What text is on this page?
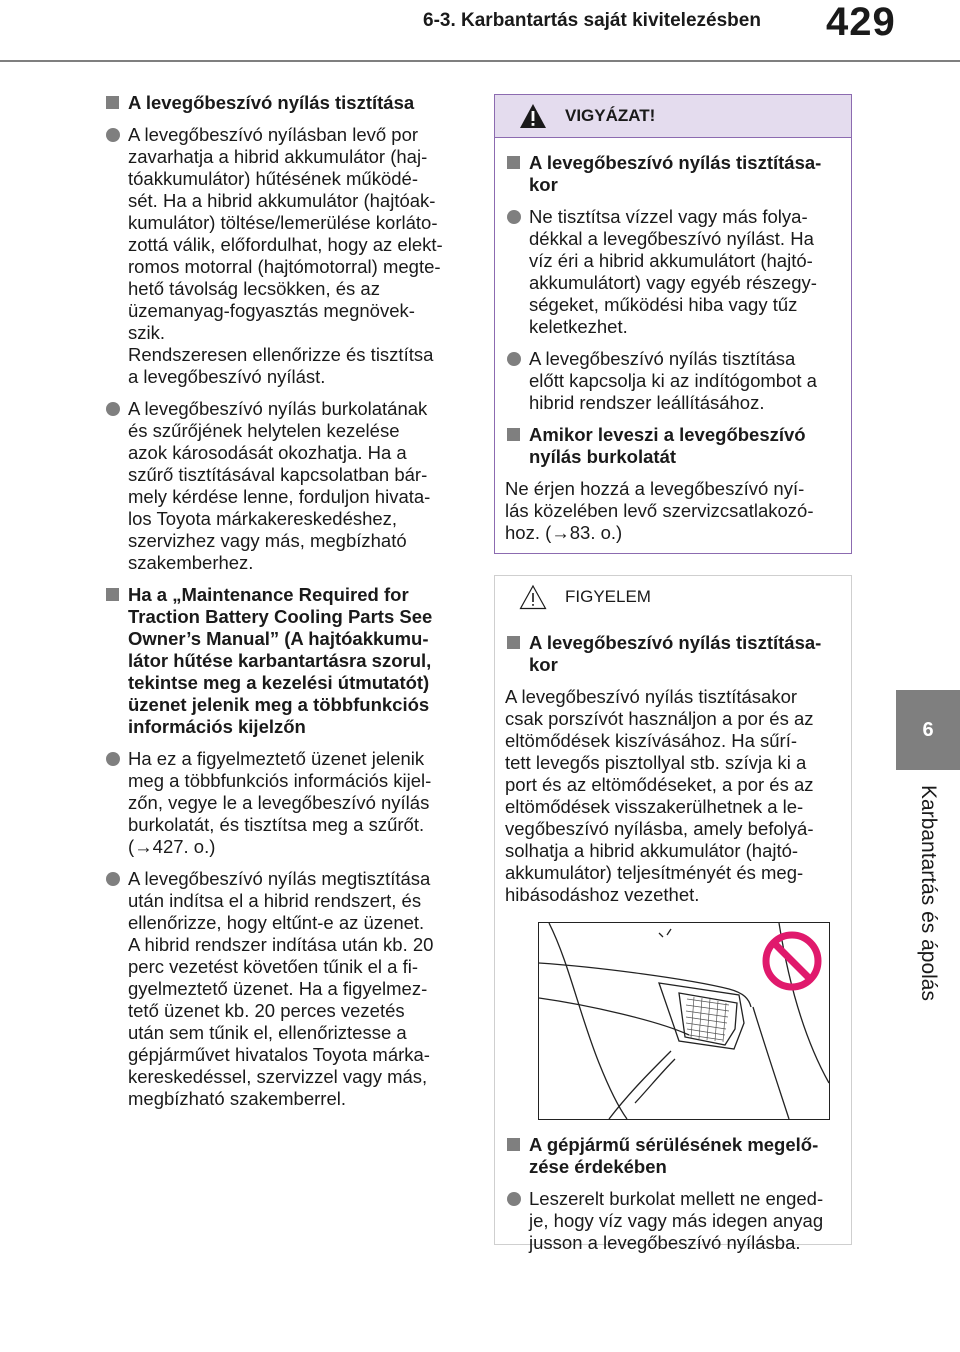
6-3. Karbantartás saját kivitelezésben 429
6
Karbantartás és ápolás
A levegőbeszívó nyílás tisztítása
A levegőbeszívó nyílásban levő por
zavarhatja a hibrid akkumulátor (haj-
tóakkumulátor) hűtésének működé-
sét. Ha a hibrid akkumulátor (hajtóak-
kumulátor) töltése/lemerülése korláto-
zottá válik, előfordulhat, hogy az elekt-
romos motorral (hajtómotorral) megte-
hető távolság lecsökken, és az
üzemanyag-fogyasztás megnövek-
szik.
Rendszeresen ellenőrizze és tisztítsa
a levegőbeszívó nyílást.
A levegőbeszívó nyílás burkolatának
és szűrőjének helytelen kezelése
azok károsodását okozhatja. Ha a
szűrő tisztításával kapcsolatban bár-
mely kérdése lenne, forduljon hivata-
los Toyota márkakereskedéshez,
szervizhez vagy más, megbízható
szakemberhez.
Ha a „Maintenance Required for
Traction Battery Cooling Parts See
Owner’s Manual” (A hajtóakkumu-
látor hűtése karbantartásra szorul,
tekintse meg a kezelési útmutatót)
üzenet jelenik meg a többfunkciós
információs kijelzőn
Ha ez a figyelmeztető üzenet jelenik
meg a többfunkciós információs kijel-
zőn, vegye le a levegőbeszívó nyílás
burkolatát, és tisztítsa meg a szűrőt.
(→427. o.)
A levegőbeszívó nyílás megtisztítása
után indítsa el a hibrid rendszert, és
ellenőrizze, hogy eltűnt-e az üzenet.
A hibrid rendszer indítása után kb. 20
perc vezetést követően tűnik el a fi-
gyelmeztető üzenet. Ha a figyelmez-
tető üzenet kb. 20 perces vezetés
után sem tűnik el, ellenőriztesse a
gépjárművet hivatalos Toyota márka-
kereskedéssel, szervizzel vagy más,
megbízható szakemberrel.
VIGYÁZAT!
A levegőbeszívó nyílás tisztítása-
kor
Ne tisztítsa vízzel vagy más folya-
dékkal a levegőbeszívó nyílást. Ha
víz éri a hibrid akkumulátort (hajtó-
akkumulátort) vagy egyéb részegy-
ségeket, működési hiba vagy tűz
keletkezhet.
A levegőbeszívó nyílás tisztítása
előtt kapcsolja ki az indítógombot a
hibrid rendszer leállításához.
Amikor leveszi a levegőbeszívó
nyílás burkolatát
Ne érjen hozzá a levegőbeszívó nyí-
lás közelében levő szervizcsatlakozó-
hoz. (→83. o.)
FIGYELEM
A levegőbeszívó nyílás tisztítása-
kor
A levegőbeszívó nyílás tisztításakor
csak porszívót használjon a por és az
eltömődések kiszívásához. Ha sűrí-
tett levegős pisztollyal stb. szívja ki a
port és az eltömődéseket, a por és az
eltömődések visszakerülhetnek a le-
vegőbeszívó nyílásba, amely befolyá-
solhatja a hibrid akkumulátor (hajtó-
akkumulátor) teljesítményét és meg-
hibásodáshoz vezethet.
A gépjármű sérülésének megelő-
zése érdekében
Leszerelt burkolat mellett ne enged-
je, hogy víz vagy más idegen anyag
jusson a levegőbeszívó nyílásba.
